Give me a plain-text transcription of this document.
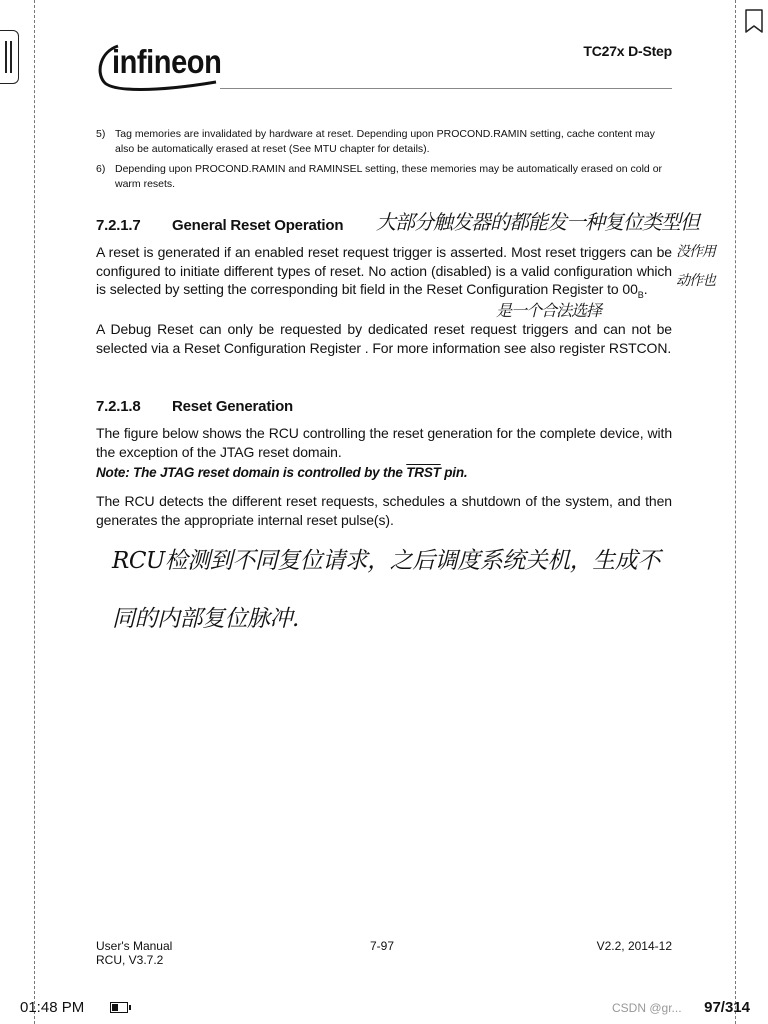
infineon	TC27x D-Step
5) Tag memories are invalidated by hardware at reset. Depending upon PROCOND.RAMIN setting, cache content may also be automatically erased at reset (See MTU chapter for details).
6) Depending upon PROCOND.RAMIN and RAMINSEL setting, these memories may be automatically erased on cold or warm resets.
7.2.1.7 General Reset Operation
A reset is generated if an enabled reset request trigger is asserted. Most reset triggers can be configured to initiate different types of reset. No action (disabled) is a valid configuration which is selected by setting the corresponding bit field in the Reset Configuration Register to $00_B$.
A Debug Reset can only be requested by dedicated reset request triggers and can not be selected via a Reset Configuration Register . For more information see also register RSTCON.
7.2.1.8 Reset Generation
The figure below shows the RCU controlling the reset generation for the complete device, with the exception of the JTAG reset domain.
Note: The JTAG reset domain is controlled by the TRST pin.
The RCU detects the different reset requests, schedules a shutdown of the system, and then generates the appropriate internal reset pulse(s).
大部分触发器的都能发一种复位类型但
没作用
动作也
是一个合法选择
RCU检测到不同复位请求，之后调度系统关机，生成不
同的内部复位脉冲.
User's Manual
RCU, V3.7.2
7-97	V2.2, 2014-12
01:48 PM	CSDN @gr... 97/314
